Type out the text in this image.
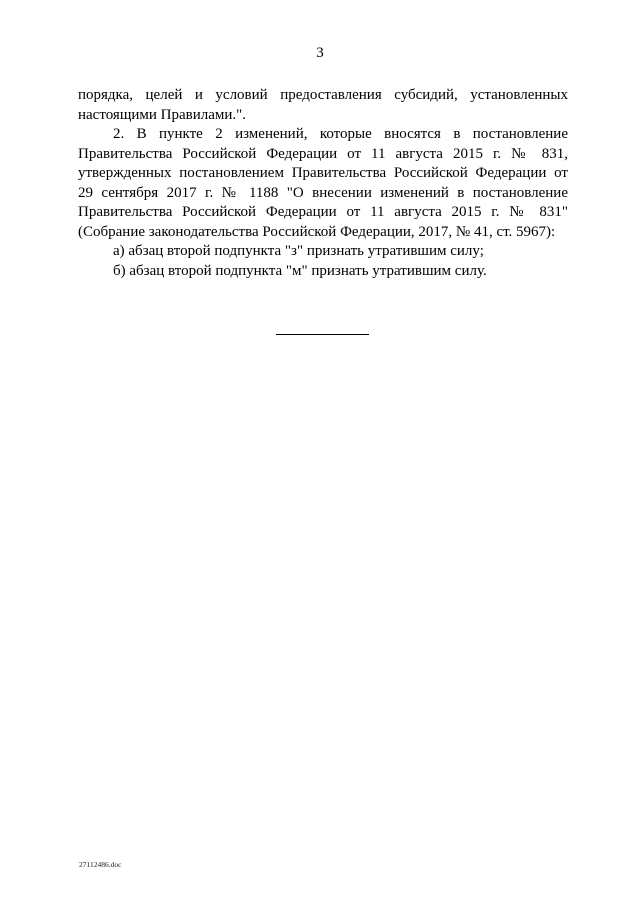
3
порядка, целей и условий предоставления субсидий, установленных
настоящими Правилами.".
2. В пункте 2 изменений, которые вносятся в постановление
Правительства Российской Федерации от 11 августа 2015 г. № 831,
утвержденных постановлением Правительства Российской Федерации от
29 сентября 2017 г. № 1188 "О внесении изменений в постановление
Правительства Российской Федерации от 11 августа 2015 г. № 831"
(Собрание законодательства Российской Федерации, 2017, № 41, ст. 5967):
а) абзац второй подпункта "з" признать утратившим силу;
б) абзац второй подпункта "м" признать утратившим силу.
27112486.doc
